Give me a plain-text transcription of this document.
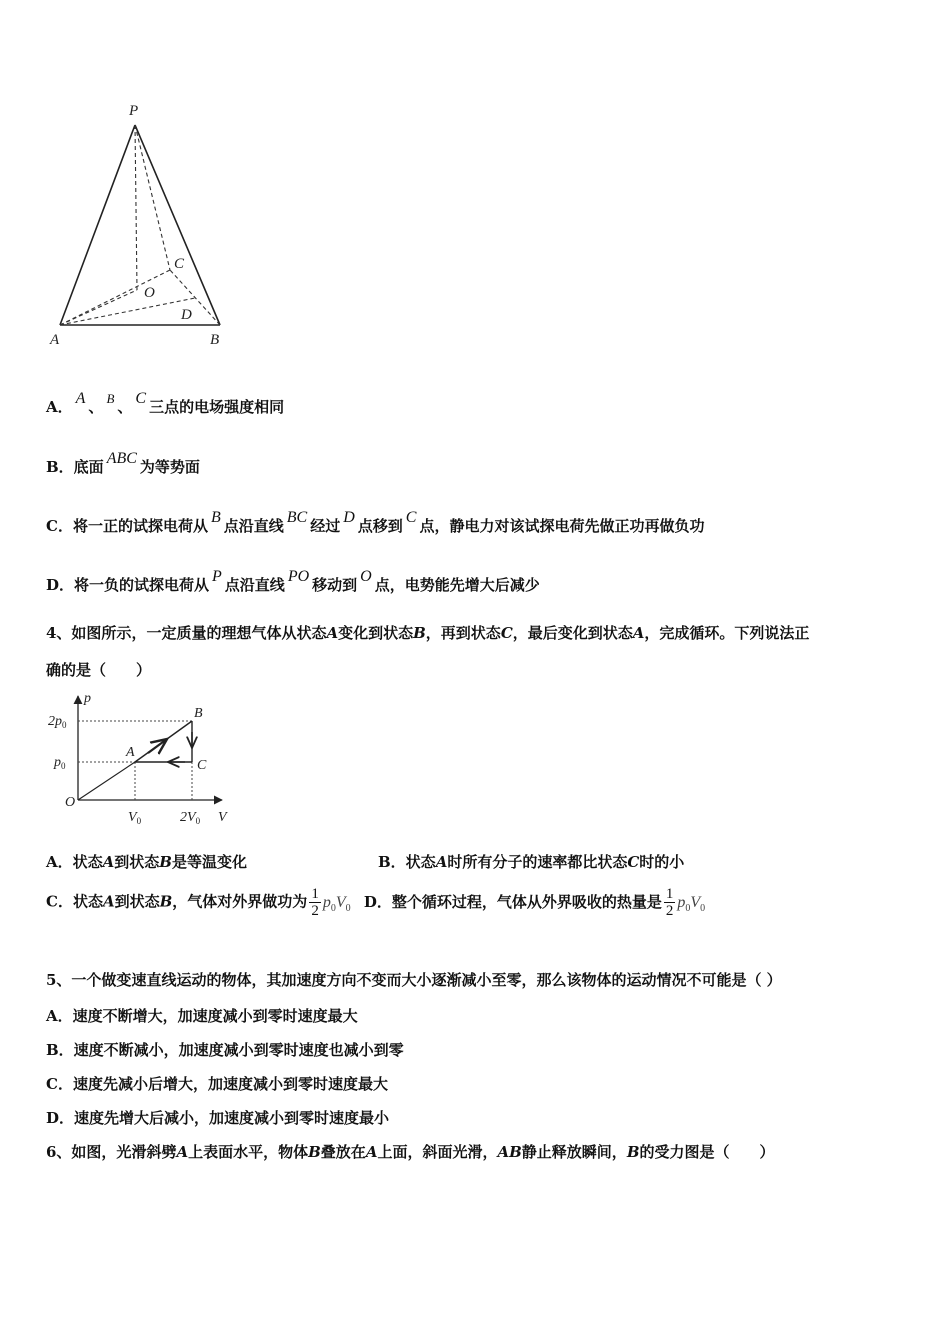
P
A	B
C
O
D
A． A 、 B 、 C 三点的电场强度相同
B．底面 ABC 为等势面
C．将一正的试探电荷从 B 点沿直线 BC 经过 D 点移到 C 点，静电力对该试探电荷先做正功再做负功
D．将一负的试探电荷从 P 点沿直线 PO 移动到 O 点，电势能先增大后减少
4、如图所示，一定质量的理想气体从状态A变化到状态B，再到状态C，最后变化到状态A，完成循环。下列说法正
确的是（　　）
p
V
O
$2p_0$
$p_0$
$V_0$	$2V_0$
A
B
C
A．状态A到状态B是等温变化	B．状态A时所有分子的速率都比状态C时的小
C．状态A到状态B，气体对外界做功为 $\frac{1}{2} p_0V_0$ D．整个循环过程，气体从外界吸收的热量是 $\frac{1}{2} p_0V_0$
5、一个做变速直线运动的物体，其加速度方向不变而大小逐渐减小至零，那么该物体的运动情况不可能是（ ）
A．速度不断增大，加速度减小到零时速度最大
B．速度不断减小，加速度减小到零时速度也减小到零
C．速度先减小后增大，加速度减小到零时速度最大
D．速度先增大后减小，加速度减小到零时速度最小
6、如图，光滑斜劈A上表面水平，物体B叠放在A上面，斜面光滑，AB静止释放瞬间，B的受力图是（　　）
